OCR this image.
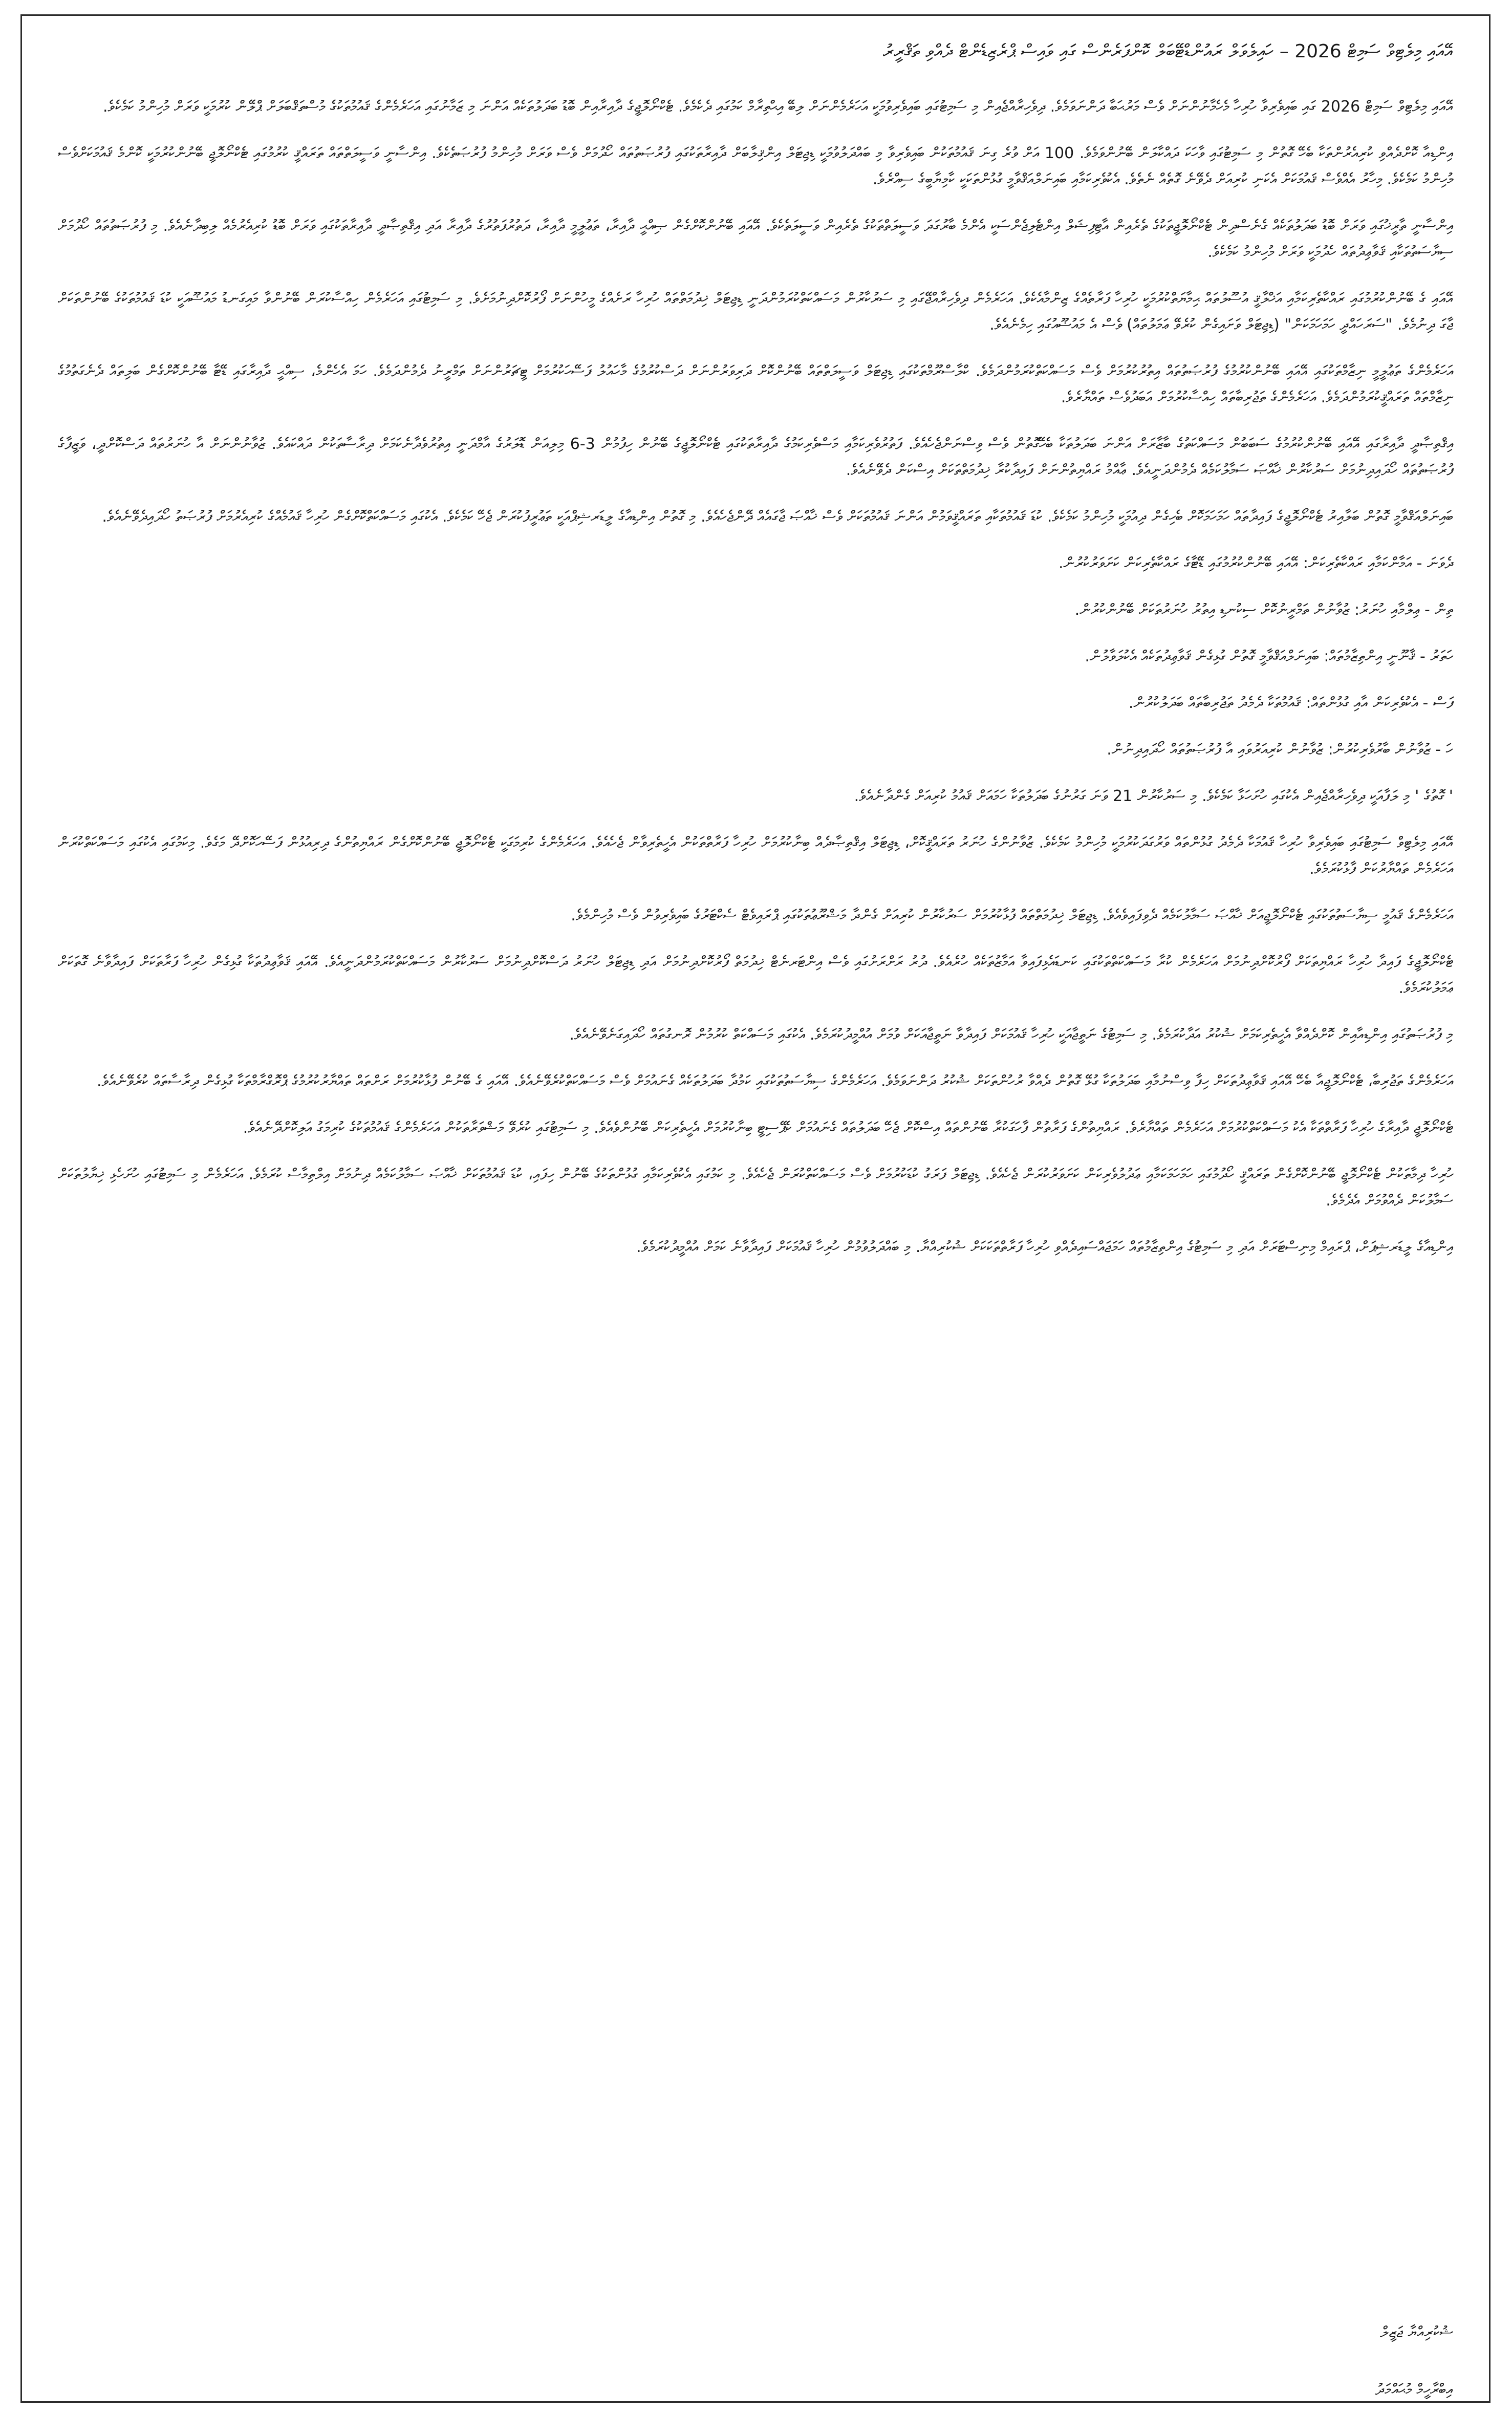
އޭއައި މިލެޓިވް ސަމިޓް 2026 – ހައިލެވަލް ރައުންޑްޓޭބަލް ކޮންފަރެންސް ގައި ވައިސް ޕްރެޒިޑެންޓް ދެއްވި ތަޤްރީރު

އޭއައި މިލެޓިވް ސަމިޓް 2026 ގައި ބައިވެރިވާ ހުރިހާ މެހެމާނުންނަށް ވެސް މަރުޙަބާ ދަންނަވަމެވެ. ދިވެހިރާއްޖެއިން މި ސަމިޓުގައި ބައިވެރިވުމަކީ އަހަރެމެންނަށް ލިބޭ އިޙްތިރާމް ކަމުގައި ދެކެމެވެ. ޓެކްނޯލޮޖީގެ ދާއިރާއިން ބޮޑު ބަދަލުތަކެއް އަންނަ މި ޒަމާނުގައި އަހަރެމެންގެ ޤައުމުތަކުގެ މުސްތަޤްބަލަށް ޕްލޭން ކުރުމަކީ ވަރަށް މުހިންމު ކަމެކެވެ.

އިންޑިއާ ކޮށްދެއްވި ކުރިއެރުންތަކާ ބެހޭ ގޮތުން މި ސަމިޓުގައި ވާހަކަ ދައްކާލަން ބޭނުންވަމެވެ. 100 އަށް ވުރެ ގިނަ ޤައުމުތަކުން ބައިވެރިވާ މި ބައްދަލުވުމަކީ ޑިޖިޓަލް އިންޤިލާބަށް ދާއިރާތަކުގައި ފުރުޞަތުތައް ހޯދުމަށް ވެސް ވަރަށް މުހިންމު ފުރުޞަތެކެވެ. އިންސާނީ ވަސީލަތްތައް ތަރައްޤީ ކުރުމުގައި ޓެކްނޯލޮޖީ ބޭނުންކުރުމަކީ ކޮންމެ ޤައުމަކަށްވެސް މުހިންމު ކަމެކެވެ. މިހާރު އެއްވެސް ޤައުމަކަށް އެކަނި ކުރިއަށް ދެވޭނެ ގޮތެއް ނެތެވެ. އެކުވެރިކަމާއި ބައިނަލްއަޤްވާމީ ގުޅުންތަކަކީ ކާމިޔާބީގެ ސިއްރެވެ.

އިންސާނީ ތާރީޚުގައި ވަރަށް ބޮޑު ބަދަލުތަކެއް ގެނެސްދިން ޓެކްނޯލޮޖީތަކުގެ ތެރެއިން އާޓިފިޝަލް އިންޓެލިޖެންސަކީ އެންމެ ބާރުގަދަ ވަސީލަތްތަކުގެ ތެރެއިން ވަސީލަތެކެވެ. އޭއައި ބޭނުންކޮށްގެން ޞިއްޙީ ދާއިރާ، ތަޢުލީމީ ދާއިރާ، ދަތުރުފަތުރުގެ ދާއިރާ އަދި އިޤްތިޞާދީ ދާއިރާތަކުގައި ވަރަށް ބޮޑު ކުރިއެރުމެއް ލިބިދާނެއެވެ. މި ފުރުޞަތުތައް ހޯދުމަށް ސިޔާސަތުތަކާއި ޤަވާޢިދުތައް ހެދުމަކީ ވަރަށް މުހިންމު ކަމެކެވެ.

އޭއައި ގެ ބޭނުންކުރުމުގައި ރައްކާތެރިކަމާއި އަޚްލާޤީ އުސޫލުތައް ޙިމާޔަތްކުރުމަކީ ހުރިހާ ފަރާތެއްގެ ޒިންމާއެކެވެ. އަހަރެމެން ދިވެހިރާއްޖޭގައި މި ސަރުކާރުން މަސައްކަތްކުރަމުންދަނީ ޑިޖިޓަލް ޚިދުމަތްތައް ހުރިހާ ރަށެއްގެ މީހުންނަށް ފޯރުކޮށްދިނުމަށެވެ. މި ސަމިޓުގައި އަހަރެމެން ހިއްސާކުރަން ބޭނުންވާ މައިގަނޑު މައުޟޫއަކީ ކުޑަ ޤައުމުތަކުގެ ބޭނުންތަކަށް ޖާގަ ދިނުމެވެ. "ސަރަހައްދީ ހަމަހަމަކަން" (ޑިޖިޓަލް ވަށައިގެން ކުރެވޭ ޢަމަލުތައް) ވެސް އެ މައުޟޫއުގައި ހިމެނެއެވެ.

އަހަރެމެންގެ ތަޢުލީމީ ނިޒާމްތަކުގައި އޭއައި ބޭނުންކުރުމުގެ ފުރުޞަތުތައް އިތުރުކުރުމަށް ވެސް މަސައްކަތްކުރަމުންދަމެވެ. ކްލާސްރޫމްތަކުގައި ޑިޖިޓަލް ވަސީލަތްތައް ބޭނުންކޮށް ދަރިވަރުންނަށް ދަސްކުރުމުގެ މާހައުލު ފަސޭހަކުރުމަށް ޓީޗަރުންނަށް ތަމްރީނު ދެމުންދަމެވެ. ހަމަ އެހެންމެ، ސިއްޙީ ދާއިރާގައި ޑޭޓާ ބޭނުންކޮށްގެން ބަލިތައް ދެނެގަތުމުގެ ނިޒާމްތައް ތަރައްޤީކުރަމުންދަމެވެ. އަހަރެމެންގެ ތަޖުރިބާތައް ހިއްސާކުރުމަށް އަބަދުވެސް ތައްޔާރެވެ.

އިޤްތިޞާދީ ދާއިރާގައި އޭއައި ބޭނުންކުރުމުގެ ސަބަބުން މަސައްކަތުގެ ބާޒާރަށް އަންނަ ބަދަލުތަކާ ބެހޭގޮތުން ވެސް ވިސްނަންޖެހެއެވެ. ފަތުރުވެރިކަމާއި މަސްވެރިކަމުގެ ދާއިރާތަކުގައި ޓެކްނޯލޮޖީގެ ބޭނުން ހިފުމުން 3-6 މިލިއަން ޑޮލަރުގެ އާމްދަނީ އިތުރުވެދާނެކަމަށް ދިރާސާތަކުން ދައްކައެވެ. ޒުވާނުންނަށް އާ ހުނަރުތައް ދަސްކޮށްދީ، ވަޒީފާގެ ފުރުޞަތުތައް ހޯދައިދިނުމަށް ސަރުކާރުން ޚާއްޞަ ސަމާލުކަމެއް ދެމުންދަނީއެވެ. ޢާއްމު ރައްޔިތުންނަށް ފައިދާކުރާ ޚިދުމަތްތަކަށް އިސްކަން ދެވޭނެއެވެ.

ބައިނަލްއަޤްވާމީ ގޮތުން ބަލާއިރު ޓެކްނޯލޮޖީގެ ފައިދާތައް ހަމަހަމަކޮށް ބެހިގެން ދިއުމަކީ މުހިންމު ކަމެކެވެ. ކުޑަ ޤައުމުތަކާއި ތަރައްޤީވަމުން އަންނަ ޤައުމުތަކަށް ވެސް ޚާއްޞަ ޖާގައެއް ދޭންޖެހެއެވެ. މި ގޮތުން އިންޑިއާގެ ލީޑަރޝިޕްއަކީ ތަޢުރީފުކުރަން ޖެހޭ ކަމެކެވެ. އެކުގައި މަސައްކަތްކޮށްގެން ހުރިހާ ޤައުމެއްގެ ކުރިއެރުމަށް ފުރުޞަތު ހޯދައިދެވޭނެއެވެ.

ދެވަނަ - އަމާންކަމާއި ރައްކާތެރިކަން: އޭއައި ބޭނުންކުރުމުގައި ޑޭޓާގެ ރައްކާތެރިކަން ކަށަވަރުކުރުން.

ތިން - ޢިލްމާއި ހުނަރު: ޒުވާނުން ތަމްރީނުކޮށް ސިކުނޑި އިތުރު ހުނަރުތަކަށް ބޭނުންކުރުން.

ހަތަރު - ޤާނޫނީ އިންތިޒާމުތައް: ބައިނަލްއަޤްވާމީ ގޮތުން ގުޅިގެން ޤަވާޢިދުތަކެއް އެކުލަވާލުން.

ފަސް - އެކުވެރިކަން އާއި ގުޅުންތައް: ޤައުމުތަކާ ދެމެދު ތަޖުރިބާތައް ބަދަލުކުރުން.

ހަ - ޒުވާނުން ބާރުވެރިކުރުން: ޒުވާނުން ކުރިއަރުވައި އާ ފުރުޞަތުތައް ހޯދައިދިނުން.

' ގޮތުގެ ' މި ލަފާއަކީ ދިވެހިރާއްޖެއިން އެކުގައި ހުށަހަޅާ ކަމެކެވެ. މި ސަރުކާރުން 21 ވަނަ ގަރުނުގެ ބަދަލުތަކާ ހަމައަށް ޤައުމު ކުރިއަށް ގެންދާނެއެވެ.

އޭއައި މިލެޓިވް ސަމިޓުގައި ބައިވެރިވާ ހުރިހާ ޤައުމަކާ ދެމެދު ގުޅުންތައް ވަރުގަދަކުރުމަކީ މުހިންމު ކަމެކެވެ. ޒުވާނުންގެ ހުނަރު ތަރައްޤީކޮށް، ޑިޖިޓަލް އިޤްތިޞާދެއް ބިނާކުރުމަށް ހުރިހާ ފަރާތްތަކުން އެހީތެރިވާން ޖެހެއެވެ. އަހަރެމެންގެ ކުރިމަގަކީ ޓެކްނޯލޮޖީ ބޭނުންކޮށްގެން ރައްޔިތުންގެ ދިރިއުޅުން ފަސޭހަކޮށްދޭ މަގެވެ. މިކަމުގައި އެކުގައި މަސައްކަތްކުރަން އަހަރެމެން ތައްޔާރުކަން ފާޅުކުރަމެވެ.

އަހަރެމެންގެ ޤައުމީ ސިޔާސަތުތަކުގައި ޓެކްނޯލޮޖީއަށް ޚާއްޞަ ސަމާލުކަމެއް ދެވިފައިވެއެވެ. ޑިޖިޓަލް ޚިދުމަތްތައް ފުޅާކުރުމަށް ސަރުކާރުން ކުރިއަށް ގެންދާ މަޝްރޫޢުތަކުގައި ޕްރައިވެޓް ސެކްޓަރުގެ ބައިވެރިވުން ވެސް މުހިންމެވެ.

ޓެކްނޯލޮޖީގެ ފައިދާ ހުރިހާ ރައްޔިތަކަށް ފޯރުކޮށްދިނުމަށް އަހަރެމެން ކުރާ މަސައްކަތްތަކުގައި ކަނޑައެޅިފައިވާ އަމާޒުތަކެއް ހުރެއެވެ. ދުރު ރަށްރަށުގައި ވެސް އިންޓަރނެޓް ޚިދުމަތް ފޯރުކޮށްދިނުމަށް އަދި ޑިޖިޓަލް ހުނަރު ދަސްކޮށްދިނުމަށް ސަރުކާރުން މަސައްކަތްކުރަމުންދަނީއެވެ. އޭއައި ޤަވާޢިދުތަކާ ގުޅިގެން ހުރިހާ ފަރާތަކަށް ފައިދާވާނެ ގޮތަކަށް ޢަމަލުކުރަމެވެ.

މި ފުރުޞަތުގައި އިންޑިއާއިން ކޮށްދެއްވާ އެހީތެރިކަމަށް ޝުކުރު އަދާކުރަމެވެ. މި ސަމިޓުގެ ނަތީޖާއަކީ ހުރިހާ ޤައުމަކަށް ފައިދާވާ ނަތީޖާއަކަށް ވުމަށް އުއްމީދުކުރަމެވެ. އެކުގައި މަސައްކަތް ކުރުމުން ރޮނގުތައް ހޯދައިގަނެވޭނެއެވެ.

އަހަރެމެންގެ ތަޖުރިބާ، ޓެކްނޯލޮޖީއާ ބެހޭ އޭއައި ޤަވާޢިދުތަކަށް ހިފާ ވިސްނުމާއި ބަދަލުތަކާ ގުޅޭ ގޮތުން ދެއްވާ ރުހުންތަކަށް ޝުކުރު ދަންނަވަމެވެ. އަހަރެމެންގެ ސިޔާސަތުތަކުގައި ކަމުދާ ބަދަލުތަކެއް ގެނައުމަށް ވެސް މަސައްކަތްކުރެވޭނެއެވެ. އޭއައި ގެ ބޭނުން ފުޅާކުރުމަށް ރަށްތައް ތައްޔާރުކުރުމުގެ ޕްރޮގްރާމްތަކާ ގުޅިގެން ދިރާސާތައް ކުރެވޭނެއެވެ.

ޓެކްނޯލޮޖީ ދާއިރާގެ ހުރިހާ ފަރާތްތަކާ އެކު މަސައްކަތްކުރުމަށް އަހަރެމެން ތައްޔާރެވެ. ރައްޔިތުންގެ ފަރާތުން ފާހަގަކުރާ ބޭނުންތައް އިސްކޮށް ޖެހޭ ބަދަލުތައް ގެނައުމަށް ކެޕޭސިޓީ ބިނާކުރުމަށް އެހީތެރިކަން ބޭނުންވެއެވެ. މި ސަމިޓުގައި ކުރެވޭ މަޝްވަރާތަކުން އަހަރެމެންގެ ޤައުމުތަކުގެ ކުރިމަގު އަލިކޮށްދޭނެއެވެ.

ހުރިހާ ދިމާތަކުން ޓެކްނޯލޮޖީ ބޭނުންކޮށްގެން ތަރައްޤީ ހޯދުމުގައި ހަމަހަމަކަމާއި ޢަދުލުވެރިކަން ކަށަވަރުކުރަން ޖެހެއެވެ. ޑިޖިޓަލް ފަރަގު ކުޑަކުރުމަށް ވެސް މަސައްކަތްކުރަން ޖެހެއެވެ. މި ކަމުގައި އެކުވެރިކަމާއި ގުޅުންތަކުގެ ބޭނުން ހިފައި، ކުޑަ ޤައުމުތަކަށް ޚާއްޞަ ސަމާލުކަމެއް ދިނުމަށް އިލްތިމާސް ކުރަމެވެ. އަހަރެމެން މި ސަމިޓުގައި ހުށަހެޅި ޚިޔާލުތަކަށް ސަމާލުކަން ދެއްވުމަށް އެދެމެވެ.

އިންޑިއާގެ ލީޑަރޝިޕަށް، ޕްރައިމް މިނިސްޓަރަށް އަދި މި ސަމިޓުގެ އިންތިޒާމުތައް ހަމަޖައްސައިދެއްވި ހުރިހާ ފަރާތްތަކަކަށް ޝުކުރިއްޔާ. މި ބައްދަލުވުމުން ހުރިހާ ޤައުމަކަށް ފައިދާވާނެ ކަމަށް އުއްމީދުކުރަމެވެ.

ޝުކުރިއްޔާ ޖަޒީލް
އިބްރާހީމް މުޙައްމަދު
